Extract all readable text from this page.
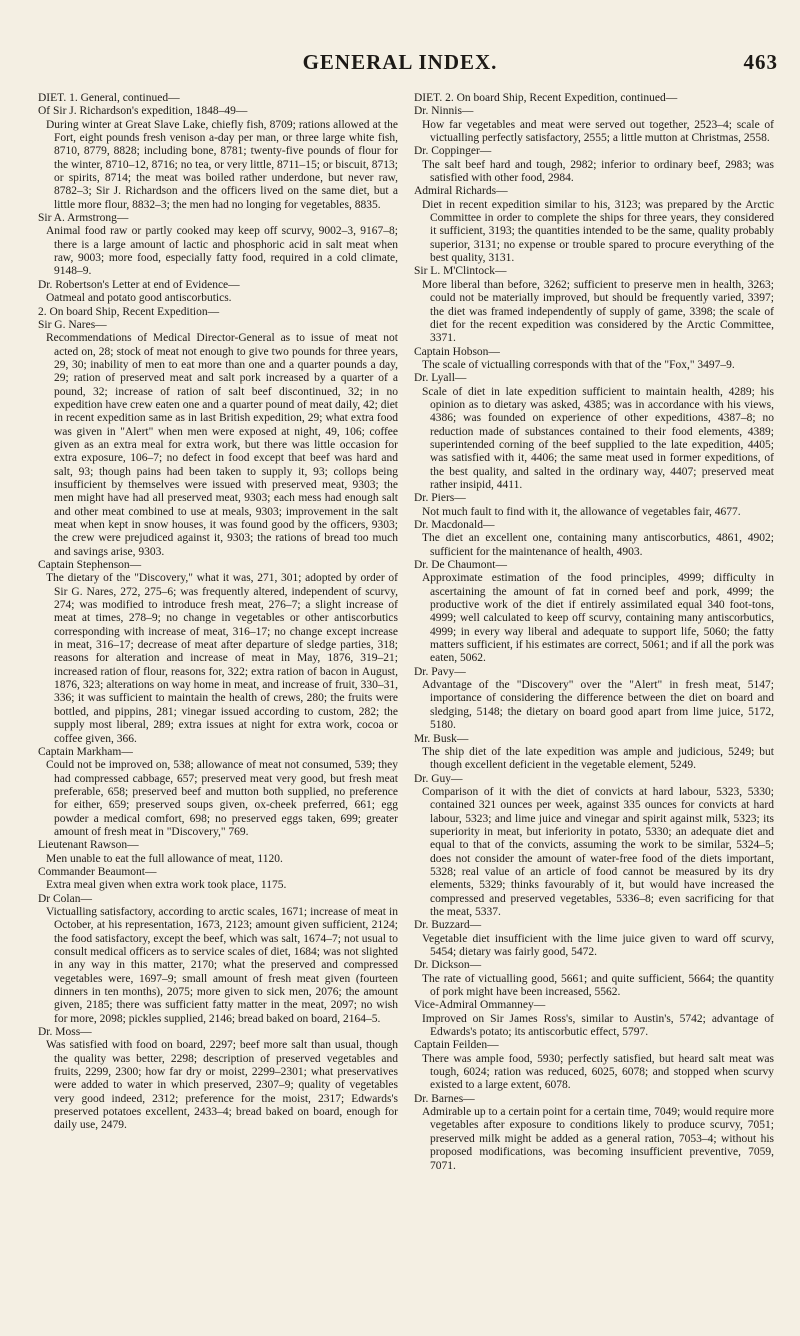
GENERAL INDEX.	463

DIET. 1. General, continued—

Of Sir J. Richardson's expedition, 1848–49—

During winter at Great Slave Lake, chiefly fish, 8709; rations allowed at the Fort, eight pounds fresh venison a-day per man, or three large white fish, 8710, 8779, 8828; including bone, 8781; twenty-five pounds of flour for the winter, 8710–12, 8716; no tea, or very little, 8711–15; or biscuit, 8713; or spirits, 8714; the meat was boiled rather underdone, but never raw, 8782–3; Sir J. Richardson and the officers lived on the same diet, but a little more flour, 8832–3; the men had no longing for vegetables, 8835.

Sir A. Armstrong—

Animal food raw or partly cooked may keep off scurvy, 9002–3, 9167–8; there is a large amount of lactic and phosphoric acid in salt meat when raw, 9003; more food, especially fatty food, required in a cold climate, 9148–9.

Dr. Robertson's Letter at end of Evidence—

Oatmeal and potato good antiscorbutics.

2. On board Ship, Recent Expedition—

Sir G. Nares—

Recommendations of Medical Director-General as to issue of meat not acted on, 28; stock of meat not enough to give two pounds for three years, 29, 30; inability of men to eat more than one and a quarter pounds a day, 29; ration of preserved meat and salt pork increased by a quarter of a pound, 32; increase of ration of salt beef discontinued, 32; in no expedition have crew eaten one and a quarter pound of meat daily, 42; diet in recent expedition same as in last British expedition, 29; what extra food was given in "Alert" when men were exposed at night, 49, 106; coffee given as an extra meal for extra work, but there was little occasion for extra exposure, 106–7; no defect in food except that beef was hard and salt, 93; though pains had been taken to supply it, 93; collops being insufficient by themselves were issued with preserved meat, 9303; the men might have had all preserved meat, 9303; each mess had enough salt and other meat combined to use at meals, 9303; improvement in the salt meat when kept in snow houses, it was found good by the officers, 9303; the crew were prejudiced against it, 9303; the rations of bread too much and savings arise, 9303.

Captain Stephenson—

The dietary of the "Discovery," what it was, 271, 301; adopted by order of Sir G. Nares, 272, 275–6; was frequently altered, independent of scurvy, 274; was modified to introduce fresh meat, 276–7; a slight increase of meat at times, 278–9; no change in vegetables or other antiscorbutics corresponding with increase of meat, 316–17; no change except increase in meat, 316–17; decrease of meat after departure of sledge parties, 318; reasons for alteration and increase of meat in May, 1876, 319–21; increased ration of flour, reasons for, 322; extra ration of bacon in August, 1876, 323; alterations on way home in meat, and increase of fruit, 330–31, 336; it was sufficient to maintain the health of crews, 280; the fruits were bottled, and pippins, 281; vinegar issued according to custom, 282; the supply most liberal, 289; extra issues at night for extra work, cocoa or coffee given, 366.

Captain Markham—

Could not be improved on, 538; allowance of meat not consumed, 539; they had compressed cabbage, 657; preserved meat very good, but fresh meat preferable, 658; preserved beef and mutton both supplied, no preference for either, 659; preserved soups given, ox-cheek preferred, 661; egg powder a medical comfort, 698; no preserved eggs taken, 699; greater amount of fresh meat in "Discovery," 769.

Lieutenant Rawson—

Men unable to eat the full allowance of meat, 1120.

Commander Beaumont—

Extra meal given when extra work took place, 1175.

Dr Colan—

Victualling satisfactory, according to arctic scales, 1671; increase of meat in October, at his representation, 1673, 2123; amount given sufficient, 2124; the food satisfactory, except the beef, which was salt, 1674–7; not usual to consult medical officers as to service scales of diet, 1684; was not slighted in any way in this matter, 2170; what the preserved and compressed vegetables were, 1697–9; small amount of fresh meat given (fourteen dinners in ten months), 2075; more given to sick men, 2076; the amount given, 2185; there was sufficient fatty matter in the meat, 2097; no wish for more, 2098; pickles supplied, 2146; bread baked on board, 2164–5.

Dr. Moss—

Was satisfied with food on board, 2297; beef more salt than usual, though the quality was better, 2298; description of preserved vegetables and fruits, 2299, 2300; how far dry or moist, 2299–2301; what preservatives were added to water in which preserved, 2307–9; quality of vegetables very good indeed, 2312; preference for the moist, 2317; Edwards's preserved potatoes excellent, 2433–4; bread baked on board, enough for daily use, 2479.

DIET. 2. On board Ship, Recent Expedition, continued—

Dr. Ninnis—

How far vegetables and meat were served out together, 2523–4; scale of victualling perfectly satisfactory, 2555; a little mutton at Christmas, 2558.

Dr. Coppinger—

The salt beef hard and tough, 2982; inferior to ordinary beef, 2983; was satisfied with other food, 2984.

Admiral Richards—

Diet in recent expedition similar to his, 3123; was prepared by the Arctic Committee in order to complete the ships for three years, they considered it sufficient, 3193; the quantities intended to be the same, quality probably superior, 3131; no expense or trouble spared to procure everything of the best quality, 3131.

Sir L. M'Clintock—

More liberal than before, 3262; sufficient to preserve men in health, 3263; could not be materially improved, but should be frequently varied, 3397; the diet was framed independently of supply of game, 3398; the scale of diet for the recent expedition was considered by the Arctic Committee, 3371.

Captain Hobson—

The scale of victualling corresponds with that of the "Fox," 3497–9.

Dr. Lyall—

Scale of diet in late expedition sufficient to maintain health, 4289; his opinion as to dietary was asked, 4385; was in accordance with his views, 4386; was founded on experience of other expeditions, 4387–8; no reduction made of substances contained to their food elements, 4389; superintended corning of the beef supplied to the late expedition, 4405; was satisfied with it, 4406; the same meat used in former expeditions, of the best quality, and salted in the ordinary way, 4407; preserved meat rather insipid, 4411.

Dr. Piers—

Not much fault to find with it, the allowance of vegetables fair, 4677.

Dr. Macdonald—

The diet an excellent one, containing many antiscorbutics, 4861, 4902; sufficient for the maintenance of health, 4903.

Dr. De Chaumont—

Approximate estimation of the food principles, 4999; difficulty in ascertaining the amount of fat in corned beef and pork, 4999; the productive work of the diet if entirely assimilated equal 340 foot-tons, 4999; well calculated to keep off scurvy, containing many antiscorbutics, 4999; in every way liberal and adequate to support life, 5060; the fatty matters sufficient, if his estimates are correct, 5061; and if all the pork was eaten, 5062.

Dr. Pavy—

Advantage of the "Discovery" over the "Alert" in fresh meat, 5147; importance of considering the difference between the diet on board and sledging, 5148; the dietary on board good apart from lime juice, 5172, 5180.

Mr. Busk—

The ship diet of the late expedition was ample and judicious, 5249; but though excellent deficient in the vegetable element, 5249.

Dr. Guy—

Comparison of it with the diet of convicts at hard labour, 5323, 5330; contained 321 ounces per week, against 335 ounces for convicts at hard labour, 5323; and lime juice and vinegar and spirit against milk, 5323; its superiority in meat, but inferiority in potato, 5330; an adequate diet and equal to that of the convicts, assuming the work to be similar, 5324–5; does not consider the amount of water-free food of the diets important, 5328; real value of an article of food cannot be measured by its dry elements, 5329; thinks favourably of it, but would have increased the compressed and preserved vegetables, 5336–8; even sacrificing for that the meat, 5337.

Dr. Buzzard—

Vegetable diet insufficient with the lime juice given to ward off scurvy, 5454; dietary was fairly good, 5472.

Dr. Dickson—

The rate of victualling good, 5661; and quite sufficient, 5664; the quantity of pork might have been increased, 5562.

Vice-Admiral Ommanney—

Improved on Sir James Ross's, similar to Austin's, 5742; advantage of Edwards's potato; its antiscorbutic effect, 5797.

Captain Feilden—

There was ample food, 5930; perfectly satisfied, but heard salt meat was tough, 6024; ration was reduced, 6025, 6078; and stopped when scurvy existed to a large extent, 6078.

Dr. Barnes—

Admirable up to a certain point for a certain time, 7049; would require more vegetables after exposure to conditions likely to produce scurvy, 7051; preserved milk might be added as a general ration, 7053–4; without his proposed modifications, was becoming insufficient preventive, 7059, 7071.
